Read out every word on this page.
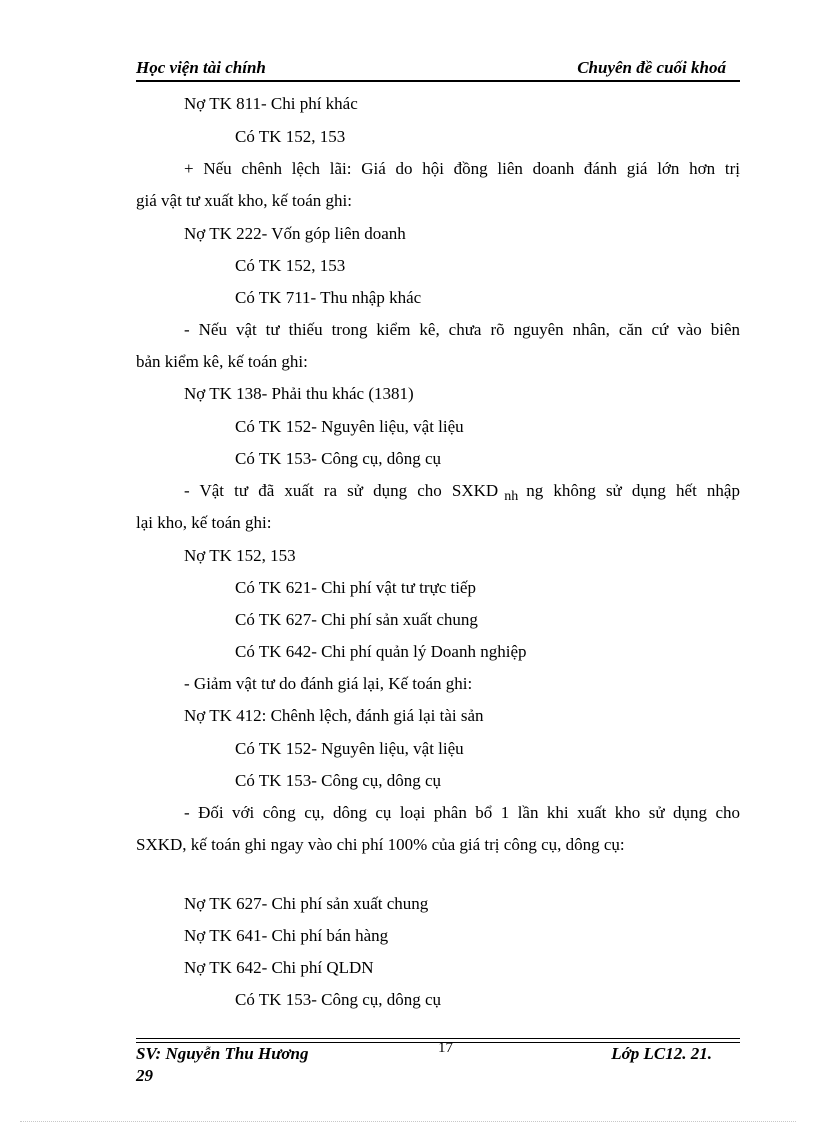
Học viện tài chính	Chuyên đề cuối khoá
Nợ TK 811- Chi phí khác
Có TK 152, 153
+ Nếu chênh lệch lãi: Giá do hội đồng liên doanh đánh giá lớn hơn trị
giá vật tư xuất kho, kế toán ghi:
Nợ TK 222- Vốn góp liên doanh
Có TK 152, 153
Có TK 711- Thu nhập khác
- Nếu vật tư thiếu trong kiểm kê, chưa rõ nguyên nhân, căn cứ vào biên
bản kiểm kê, kế toán ghi:
Nợ TK 138- Phải thu khác (1381)
Có TK 152- Nguyên liệu, vật liệu
Có TK 153- Công cụ, dông cụ
- Vật tư đã xuất ra sử dụng cho SXKD $_{nh}$ ng không sử dụng hết nhập
lại kho, kế toán ghi:
Nợ TK 152, 153
Có TK 621- Chi phí vật tư trực tiếp
Có TK 627- Chi phí sản xuất chung
Có TK 642- Chi phí quản lý Doanh nghiệp
- Giảm vật tư do đánh giá lại, Kế toán ghi:
Nợ TK 412: Chênh lệch, đánh giá lại tài sản
Có TK 152- Nguyên liệu, vật liệu
Có TK 153- Công cụ, dông cụ
- Đối với công cụ, dông cụ loại phân bổ 1 lần khi xuất kho sử dụng cho
SXKD, kế toán ghi ngay vào chi phí 100% của giá trị công cụ, dông cụ:
Nợ TK 627- Chi phí sản xuất chung
Nợ TK 641- Chi phí bán hàng
Nợ TK 642- Chi phí QLDN
Có TK 153- Công cụ, dông cụ
SV: Nguyễn Thu Hương
29
17	Lớp LC12. 21.
